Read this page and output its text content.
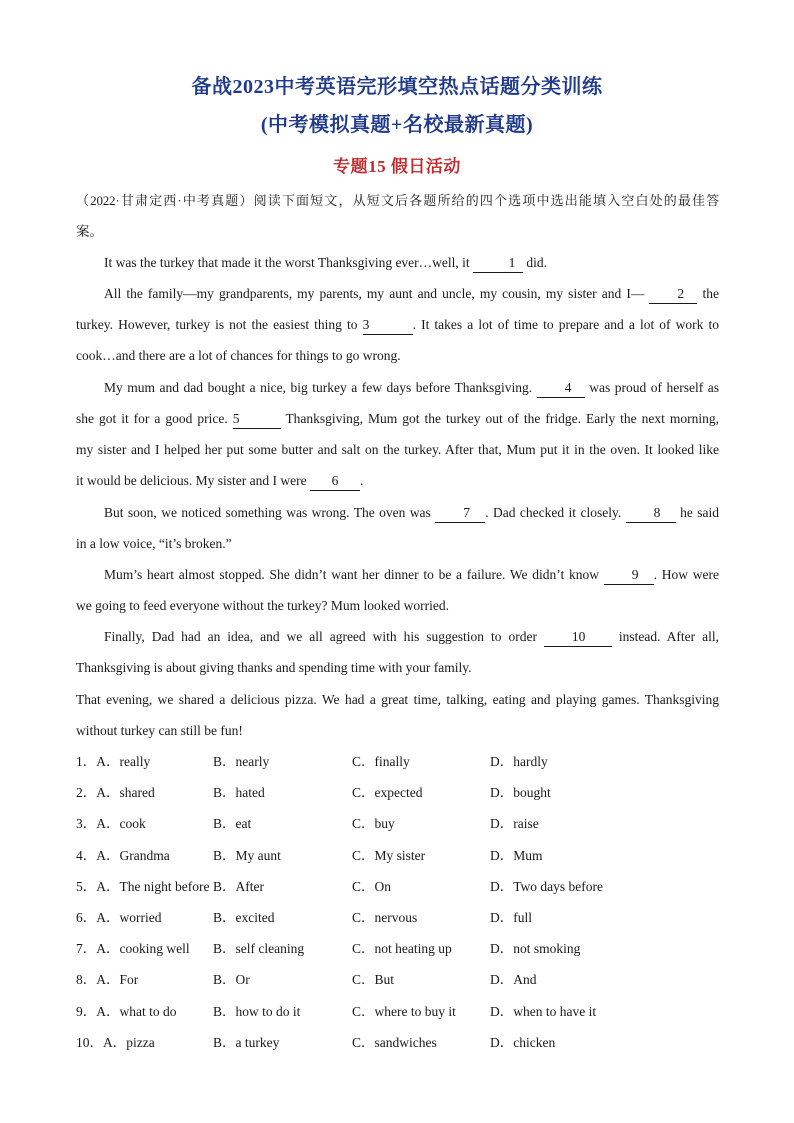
备战2023中考英语完形填空热点话题分类训练
(中考模拟真题+名校最新真题)
专题15 假日活动
（2022·甘肃定西·中考真题）阅读下面短文，从短文后各题所给的四个选项中选出能填入空白处的最佳答
案。
It was the turkey that made it the worst Thanksgiving ever…well, it	1 did.
All the family—my grandparents, my parents, my aunt and uncle, my cousin, my sister and I— 2 the
turkey. However, turkey is not the easiest thing to 3	. It takes a lot of time to prepare and a lot of work to
cook…and there are a lot of chances for things to go wrong.
My mum and dad bought a nice, big turkey a few days before Thanksgiving. 4 was proud of herself as
she got it for a good price. 5	Thanksgiving, Mum got the turkey out of the fridge. Early the next morning,
my sister and I helped her put some butter and salt on the turkey. After that, Mum put it in the oven. It looked like
it would be delicious. My sister and I were 6 .
But soon, we noticed something was wrong. The oven was 7 . Dad checked it closely. 8 he said
in a low voice, “it’s broken.”
Mum’s heart almost stopped. She didn’t want her dinner to be a failure. We didn’t know 9 . How were
we going to feed everyone without the turkey? Mum looked worried.
Finally, Dad had an idea, and we all agreed with his suggestion to order 10 instead. After all,
Thanksgiving is about giving thanks and spending time with your family.
That evening, we shared a delicious pizza. We had a great time, talking, eating and playing games. Thanksgiving
without turkey can still be fun!
1．A．really	B．nearly	C．finally	D．hardly
2．A．shared	B．hated	C．expected	D．bought
3．A．cook	B．eat	C．buy	D．raise
4．A．Grandma	B．My aunt	C．My sister	D．Mum
5．A．The night before B．After	C．On	D．Two days before
6．A．worried	B．excited	C．nervous	D．full
7．A．cooking well B．self cleaning	C．not heating up	D．not smoking
8．A．For	B．Or	C．But	D．And
9．A．what to do	B．how to do it	C．where to buy it	D．when to have it
10．A．pizza	B．a turkey	C．sandwiches	D．chicken
